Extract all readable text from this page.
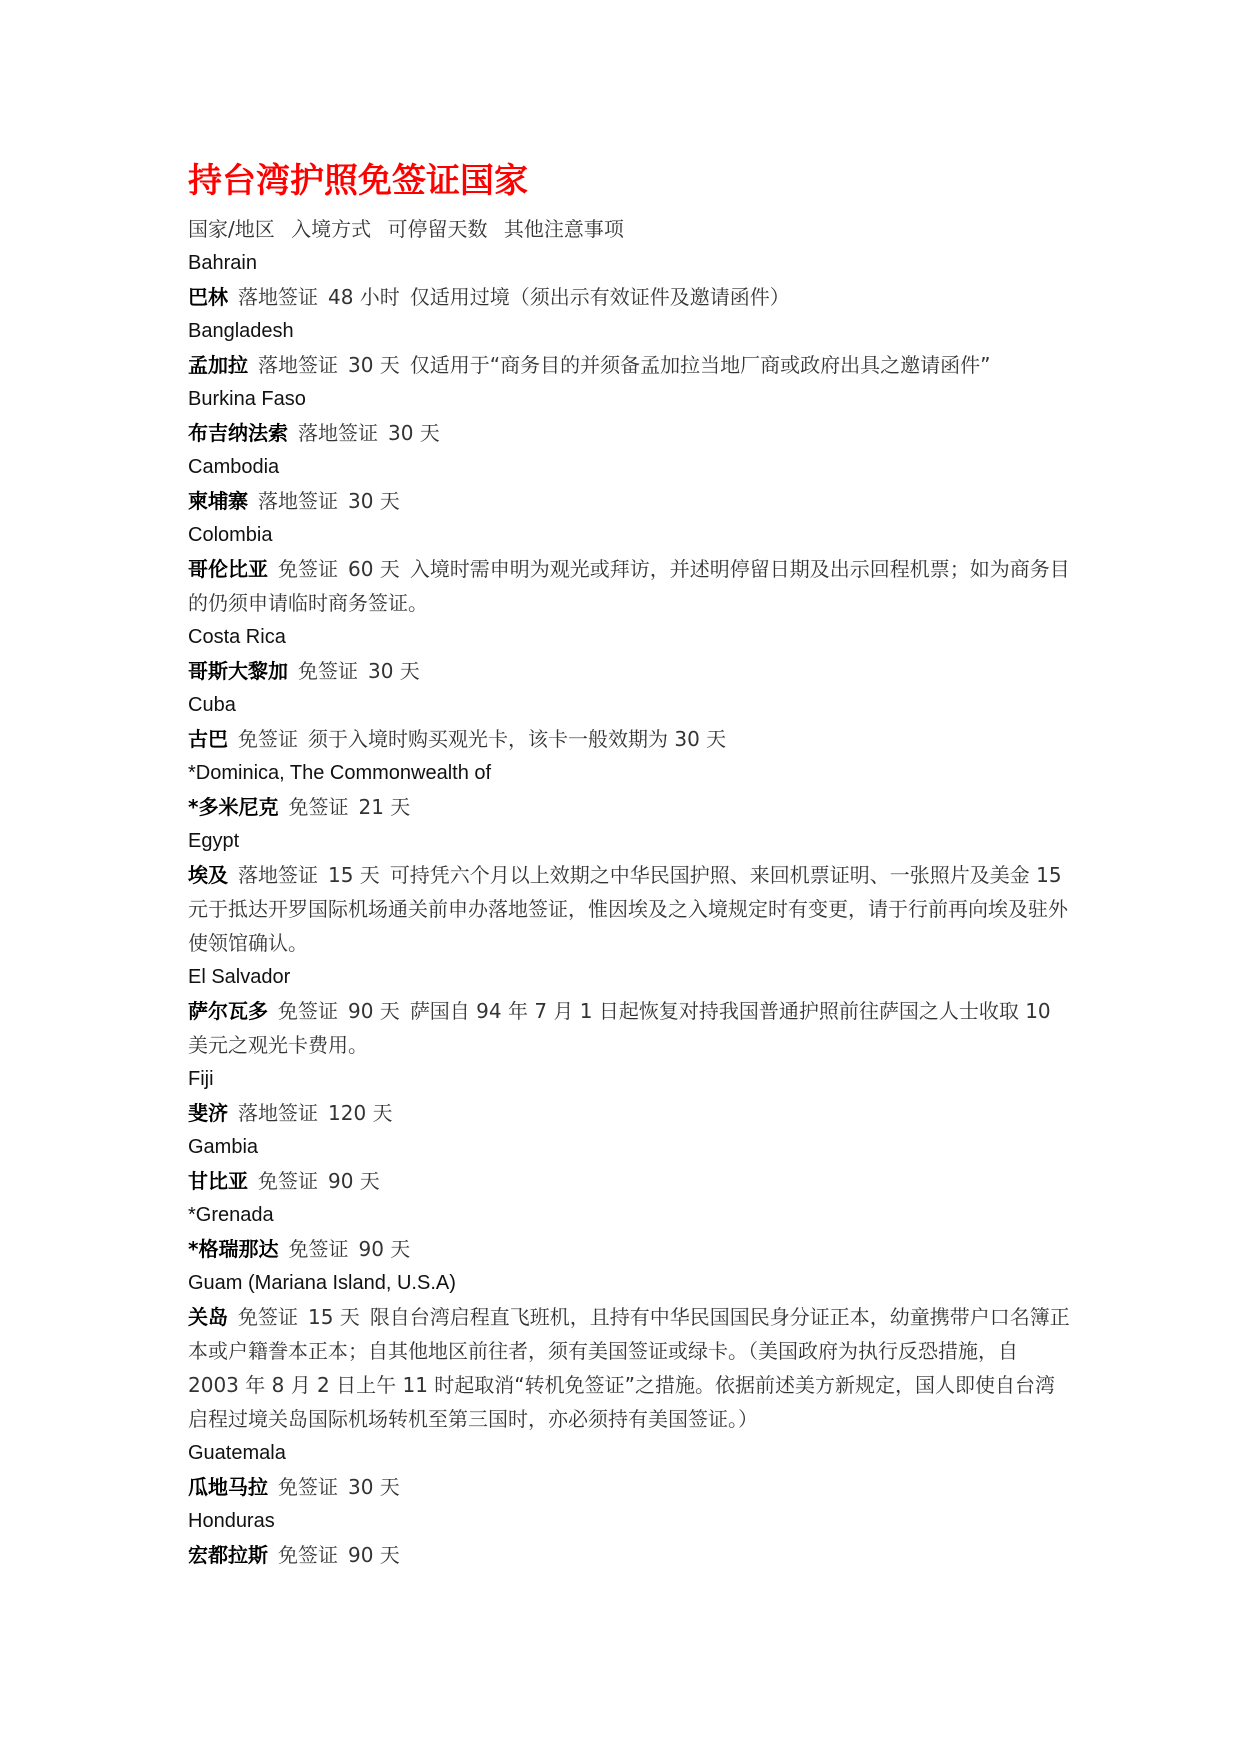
持台湾护照免签证国家
国家/地区 入境方式 可停留天数 其他注意事项
Bahrain
巴林 落地签证 48 小时 仅适用过境（须出示有效证件及邀请函件）
Bangladesh
孟加拉 落地签证 30 天 仅适用于“商务目的并须备孟加拉当地厂商或政府出具之邀请函件”
Burkina Faso
布吉纳法索 落地签证 30 天
Cambodia
柬埔寨 落地签证 30 天
Colombia
哥伦比亚 免签证 60 天 入境时需申明为观光或拜访，并述明停留日期及出示回程机票；如为商务目的仍须申请临时商务签证。
Costa Rica
哥斯大黎加 免签证 30 天
Cuba
古巴 免签证 须于入境时购买观光卡，该卡一般效期为 30 天
*Dominica, The Commonwealth of
*多米尼克 免签证 21 天
Egypt
埃及 落地签证 15 天 可持凭六个月以上效期之中华民国护照、来回机票证明、一张照片及美金 15 元于抵达开罗国际机场通关前申办落地签证，惟因埃及之入境规定时有变更，请于行前再向埃及驻外使领馆确认。
El Salvador
萨尔瓦多 免签证 90 天 萨国自 94 年 7 月 1 日起恢复对持我国普通护照前往萨国之人士收取 10 美元之观光卡费用。
Fiji
斐济 落地签证 120 天
Gambia
甘比亚 免签证 90 天
*Grenada
*格瑞那达 免签证 90 天
Guam (Mariana Island, U.S.A)
关岛 免签证 15 天 限自台湾启程直飞班机，且持有中华民国国民身分证正本，幼童携带户口名簿正本或户籍誊本正本；自其他地区前往者，须有美国签证或绿卡。（美国政府为执行反恐措施，自 2003 年 8 月 2 日上午 11 时起取消“转机免签证”之措施。依据前述美方新规定，国人即使自台湾启程过境关岛国际机场转机至第三国时，亦必须持有美国签证。）
Guatemala
瓜地马拉 免签证 30 天
Honduras
宏都拉斯 免签证 90 天
